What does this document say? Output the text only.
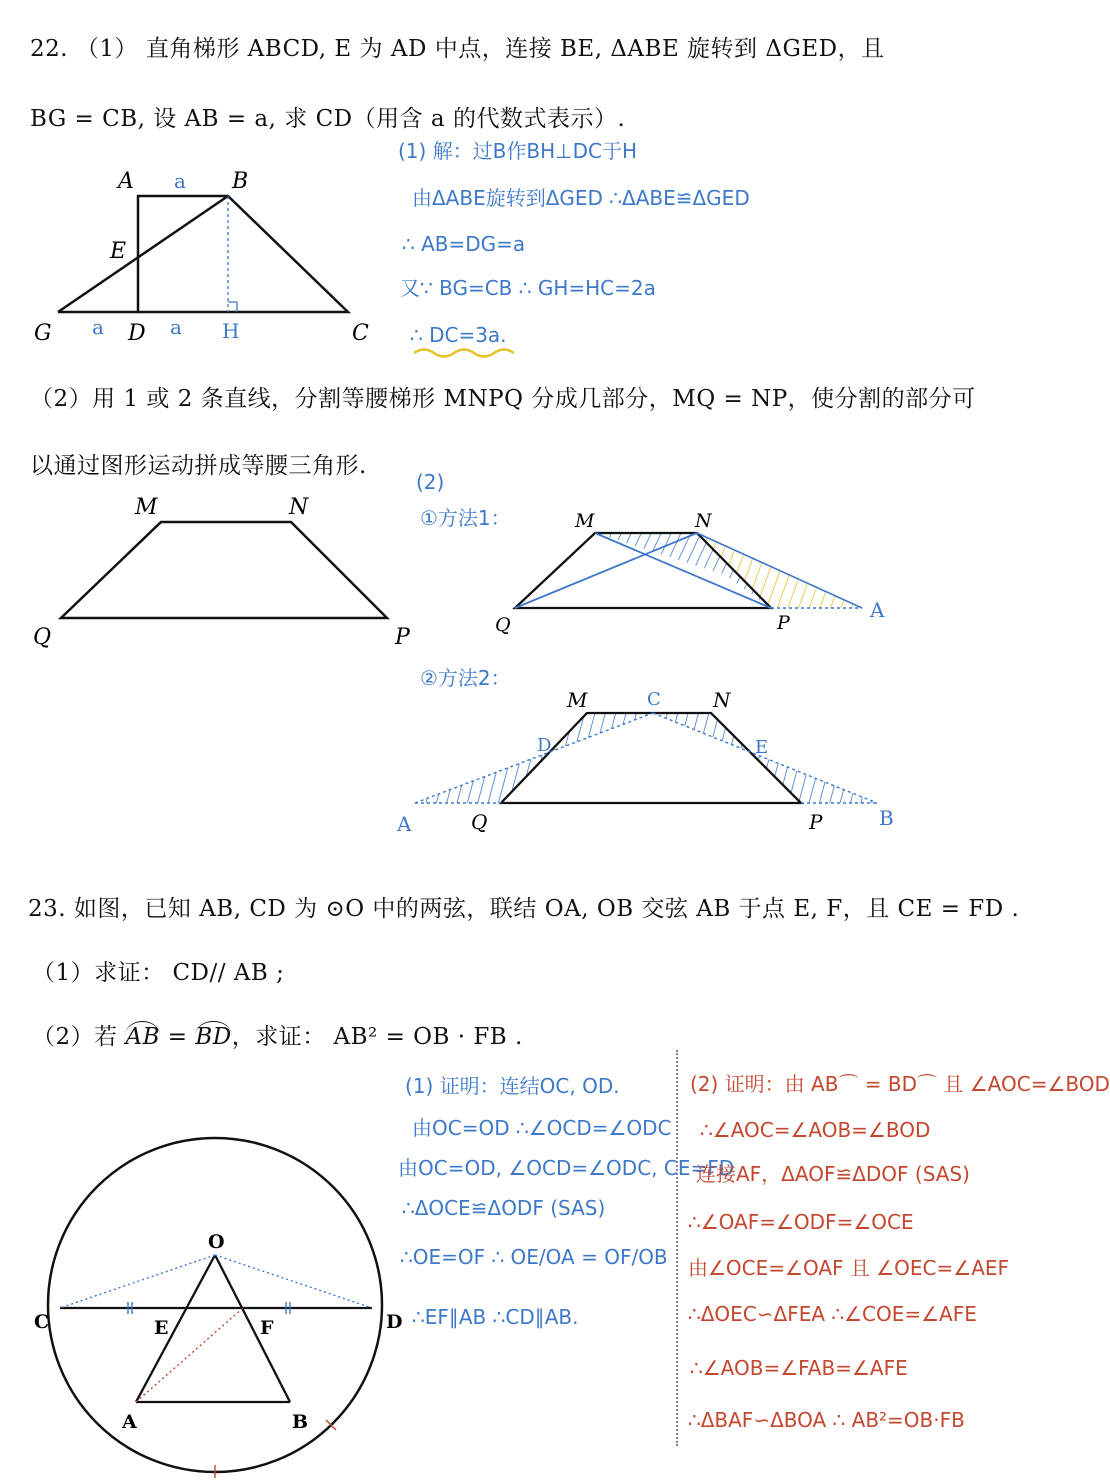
22. （1） 直角梯形 ABCD, E 为 AD 中点，连接 BE, ΔABE 旋转到 ΔGED，且
BG = CB, 设 AB = a, 求 CD（用含 a 的代数式表示）.
A	B
E
G	D	C
H
a
a	a
(1) 解：过B作BH⊥DC于H
由ΔABE旋转到ΔGED ∴ΔABE≌ΔGED
∴ AB=DG=a
又∵ BG=CB ∴ GH=HC=2a
∴ DC=3a.
（2）用 1 或 2 条直线，分割等腰梯形 MNPQ 分成几部分，MQ = NP，使分割的部分可
以通过图形运动拼成等腰三角形.
M	N
Q	P
(2)
①方法1：	M	N
Q	P
A
②方法2：
M	N
Q	P
A	B
C
D	E
23. 如图，已知 AB, CD 为 ⊙O 中的两弦，联结 OA, OB 交弦 AB 于点 E, F，且 CE = FD .
（1）求证： CD// AB ;
（2）若 AB = BD，求证： AB² = OB · FB .
O
C	D
E	F
A	B
(1) 证明：连结OC, OD.
由OC=OD ∴∠OCD=∠ODC
由OC=OD, ∠OCD=∠ODC, CE=FD
∴ΔOCE≌ΔODF (SAS)
∴OE=OF ∴ OE/OA = OF/OB
∴EF∥AB ∴CD∥AB.
(2) 证明：由 AB⌒ = BD⌒ 且 ∠AOC=∠BOD
∴∠AOC=∠AOB=∠BOD
连接AF，ΔAOF≌ΔDOF (SAS)
∴∠OAF=∠ODF=∠OCE
由∠OCE=∠OAF 且 ∠OEC=∠AEF
∴ΔOEC∽ΔFEA ∴∠COE=∠AFE
∴∠AOB=∠FAB=∠AFE
∴ΔBAF∽ΔBOA ∴ AB²=OB·FB
